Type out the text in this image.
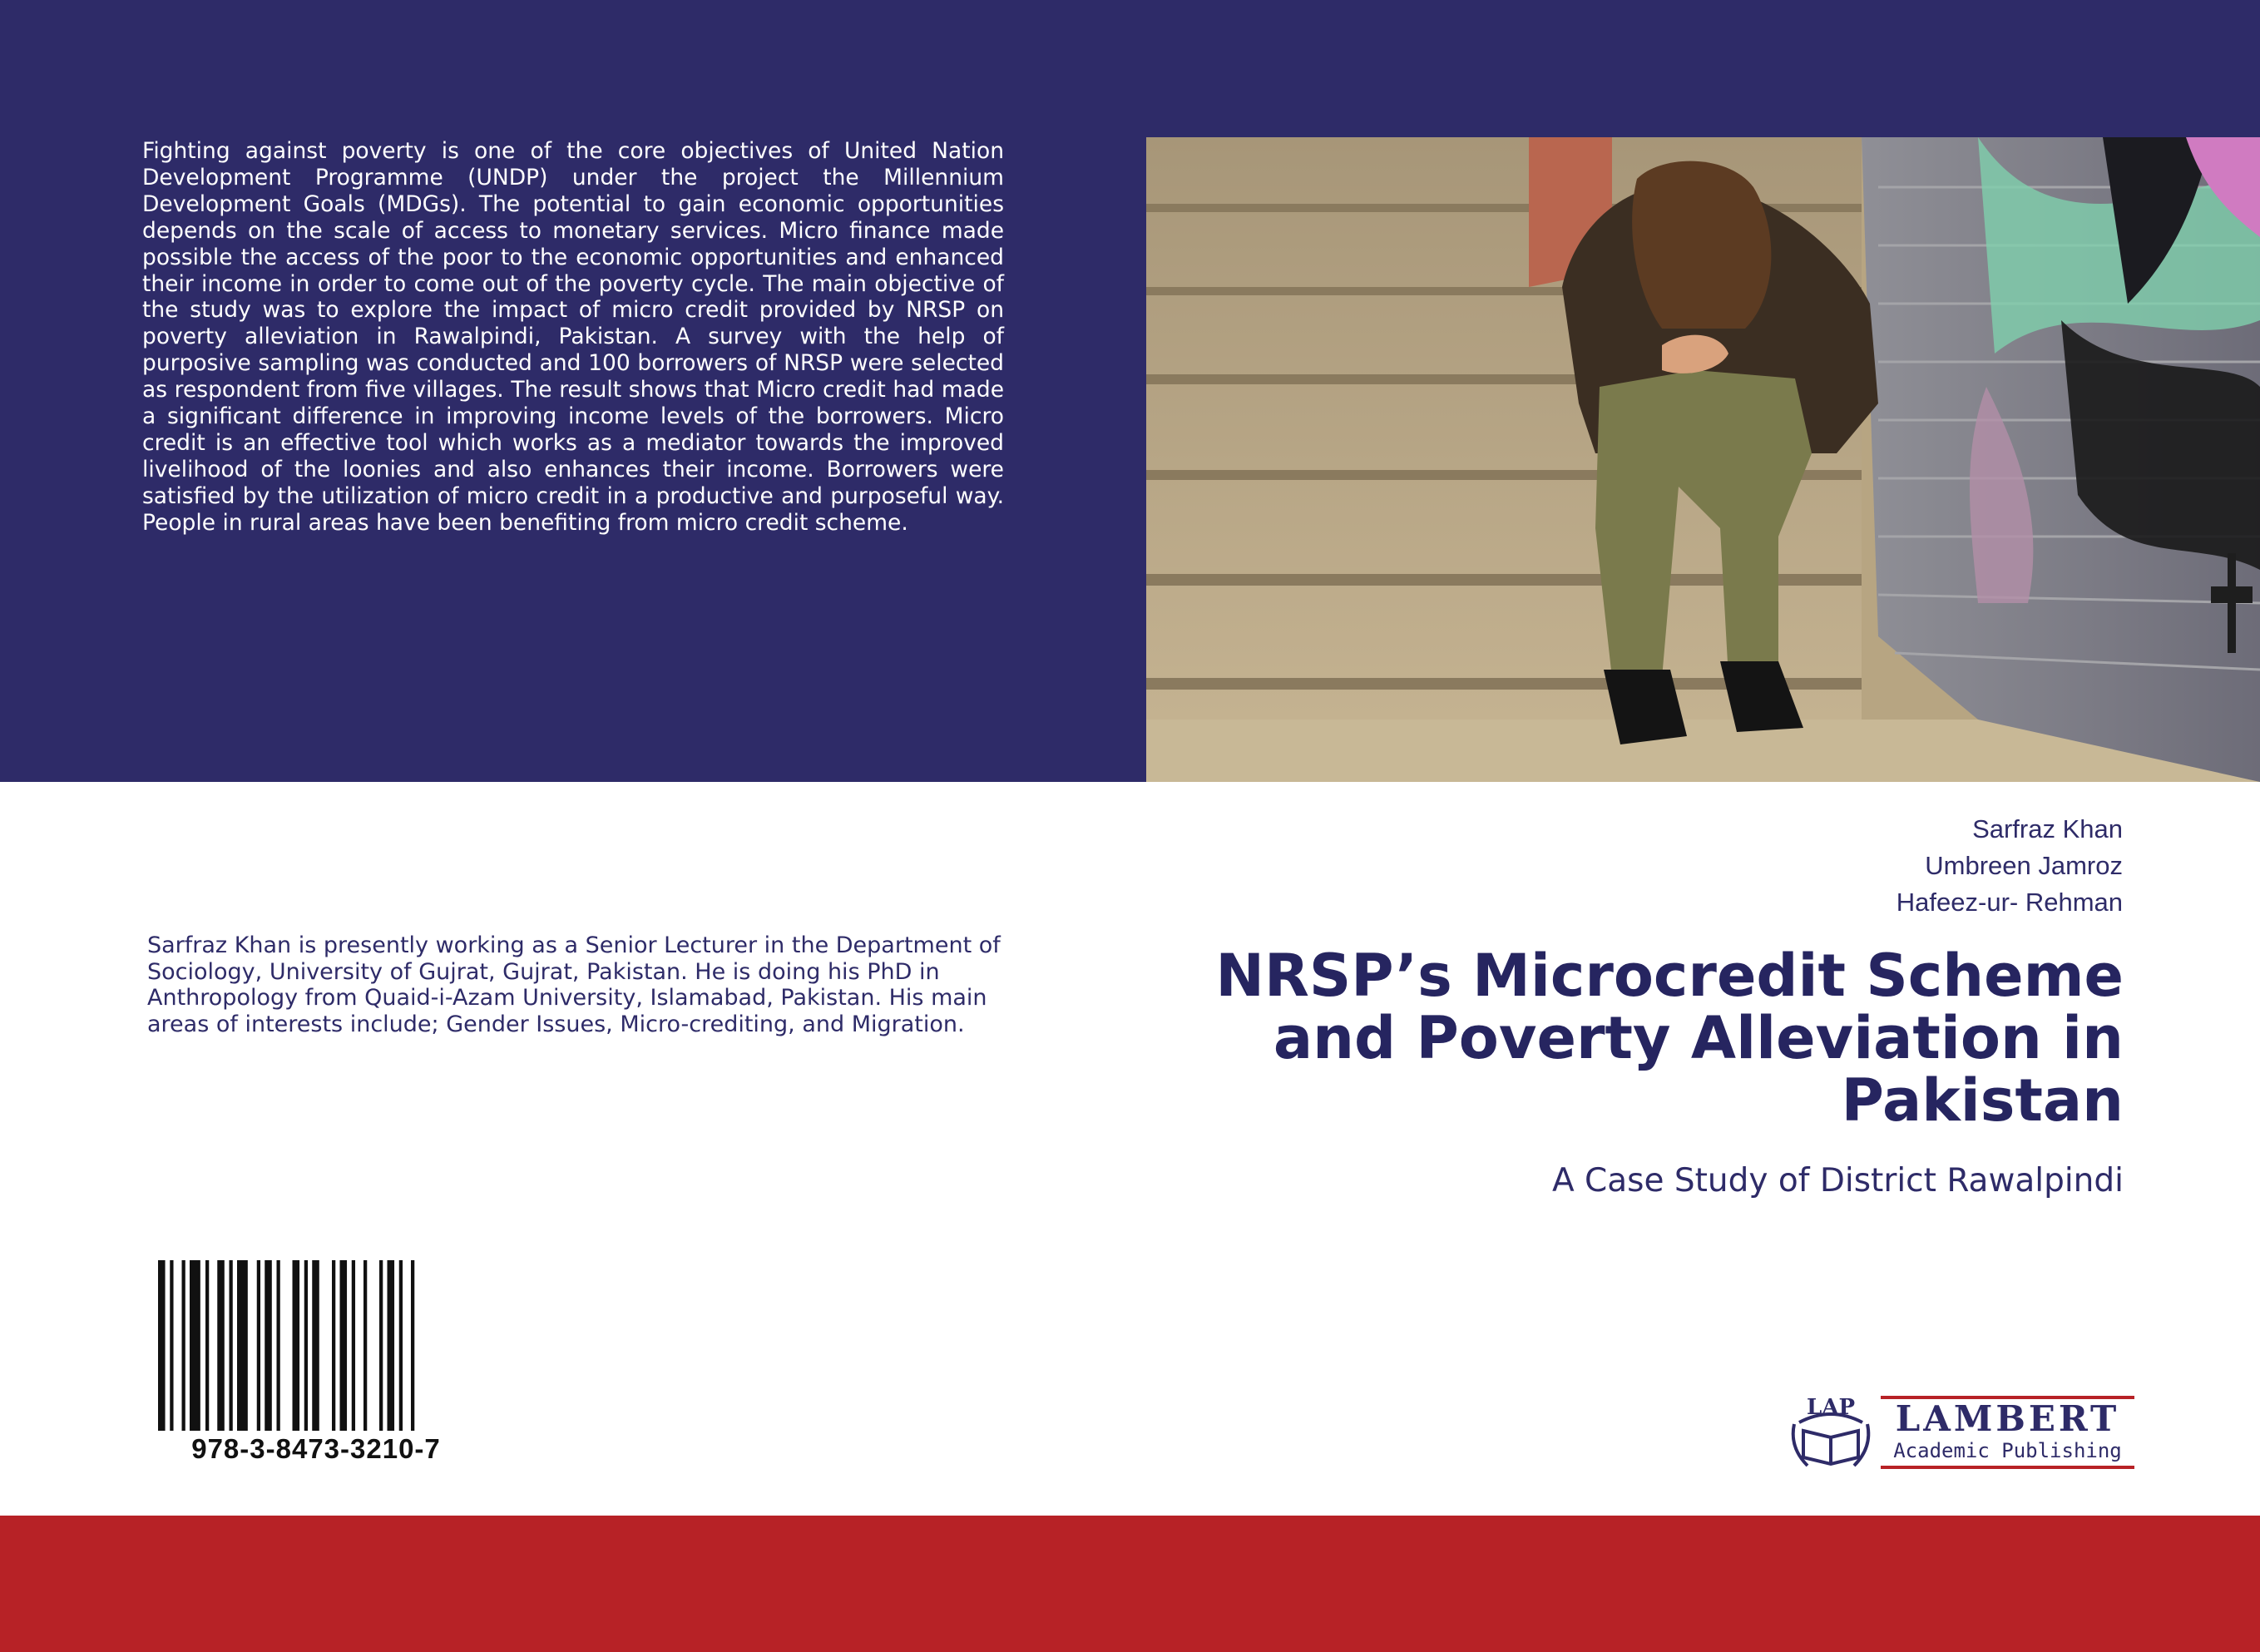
Fighting against poverty is one of the core objectives of United Nation Development Programme (UNDP) under the project the Millennium Development Goals (MDGs). The potential to gain economic opportunities depends on the scale of access to monetary services. Micro finance made possible the access of the poor to the economic opportunities and enhanced their income in order to come out of the poverty cycle. The main objective of the study was to explore the impact of micro credit provided by NRSP on poverty alleviation in Rawalpindi, Pakistan. A survey with the help of purposive sampling was conducted and 100 borrowers of NRSP were selected as respondent from five villages. The result shows that Micro credit had made a significant difference in improving income levels of the borrowers. Micro credit is an effective tool which works as a mediator towards the improved livelihood of the loonies and also enhances their income. Borrowers were satisfied by the utilization of micro credit in a productive and purposeful way. People in rural areas have been benefiting from micro credit scheme.

Sarfraz Khan
Umbreen Jamroz
Hafeez-ur- Rehman

Sarfraz Khan is presently working as a Senior Lecturer in the Department of Sociology, University of Gujrat, Gujrat, Pakistan. He is doing his PhD in Anthropology from Quaid-i-Azam University, Islamabad, Pakistan. His main areas of interests include; Gender Issues, Micro-crediting, and Migration.

NRSP’s Microcredit Scheme and Poverty Alleviation in Pakistan

A Case Study of District Rawalpindi

978-3-8473-3210-7
LAP	LAMBERT
Academic Publishing
